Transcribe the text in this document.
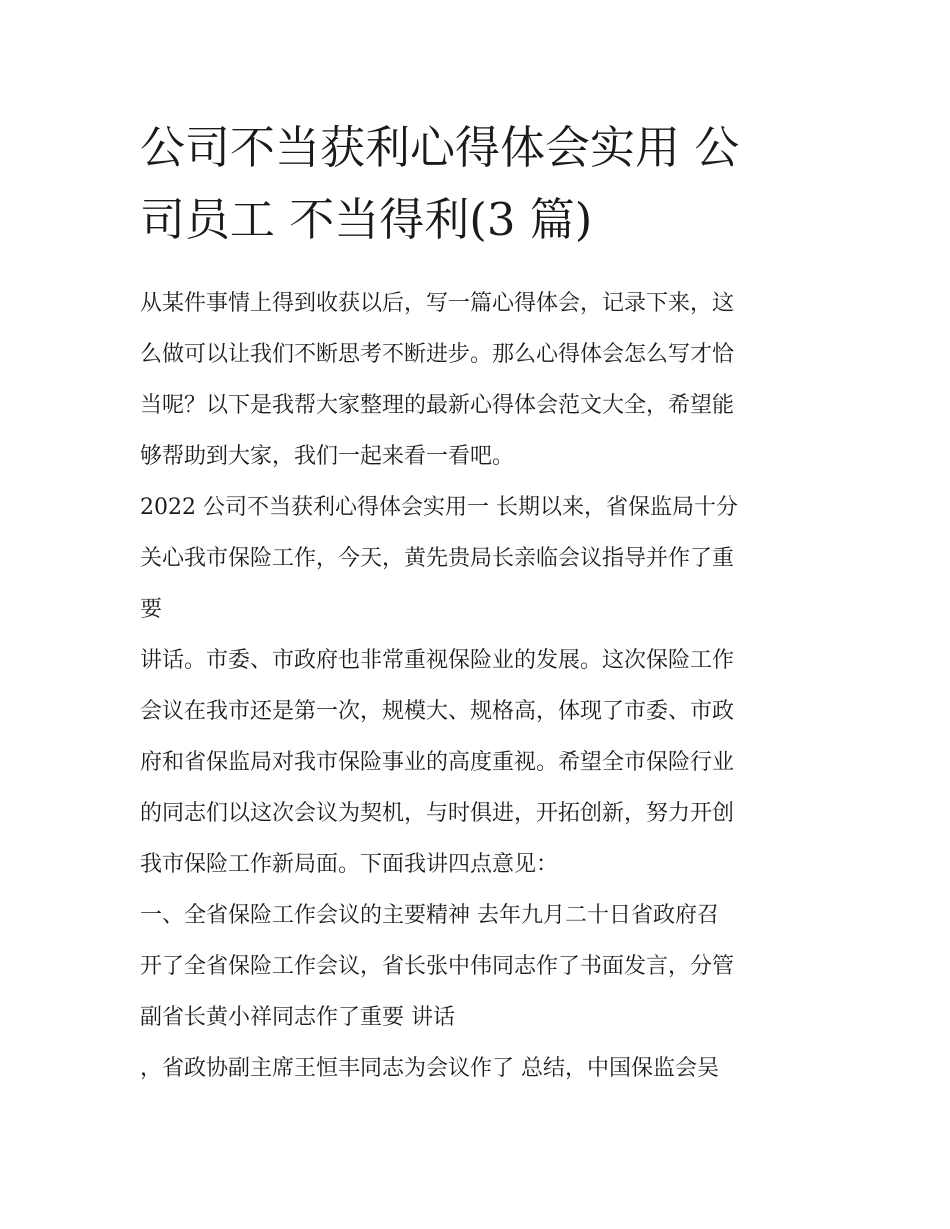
公司不当获利心得体会实用 公
司员工 不当得利(3 篇)
从某件事情上得到收获以后，写一篇心得体会，记录下来，这
么做可以让我们不断思考不断进步。那么心得体会怎么写才恰
当呢？以下是我帮大家整理的最新心得体会范文大全，希望能
够帮助到大家，我们一起来看一看吧。
2022 公司不当获利心得体会实用一 长期以来，省保监局十分
关心我市保险工作，今天，黄先贵局长亲临会议指导并作了重
要
讲话。市委、市政府也非常重视保险业的发展。这次保险工作
会议在我市还是第一次，规模大、规格高，体现了市委、市政
府和省保监局对我市保险事业的高度重视。希望全市保险行业
的同志们以这次会议为契机，与时俱进，开拓创新，努力开创
我市保险工作新局面。下面我讲四点意见：
一、全省保险工作会议的主要精神 去年九月二十日省政府召
开了全省保险工作会议，省长张中伟同志作了书面发言，分管
副省长黄小祥同志作了重要 讲话
，省政协副主席王恒丰同志为会议作了 总结，中国保监会吴
